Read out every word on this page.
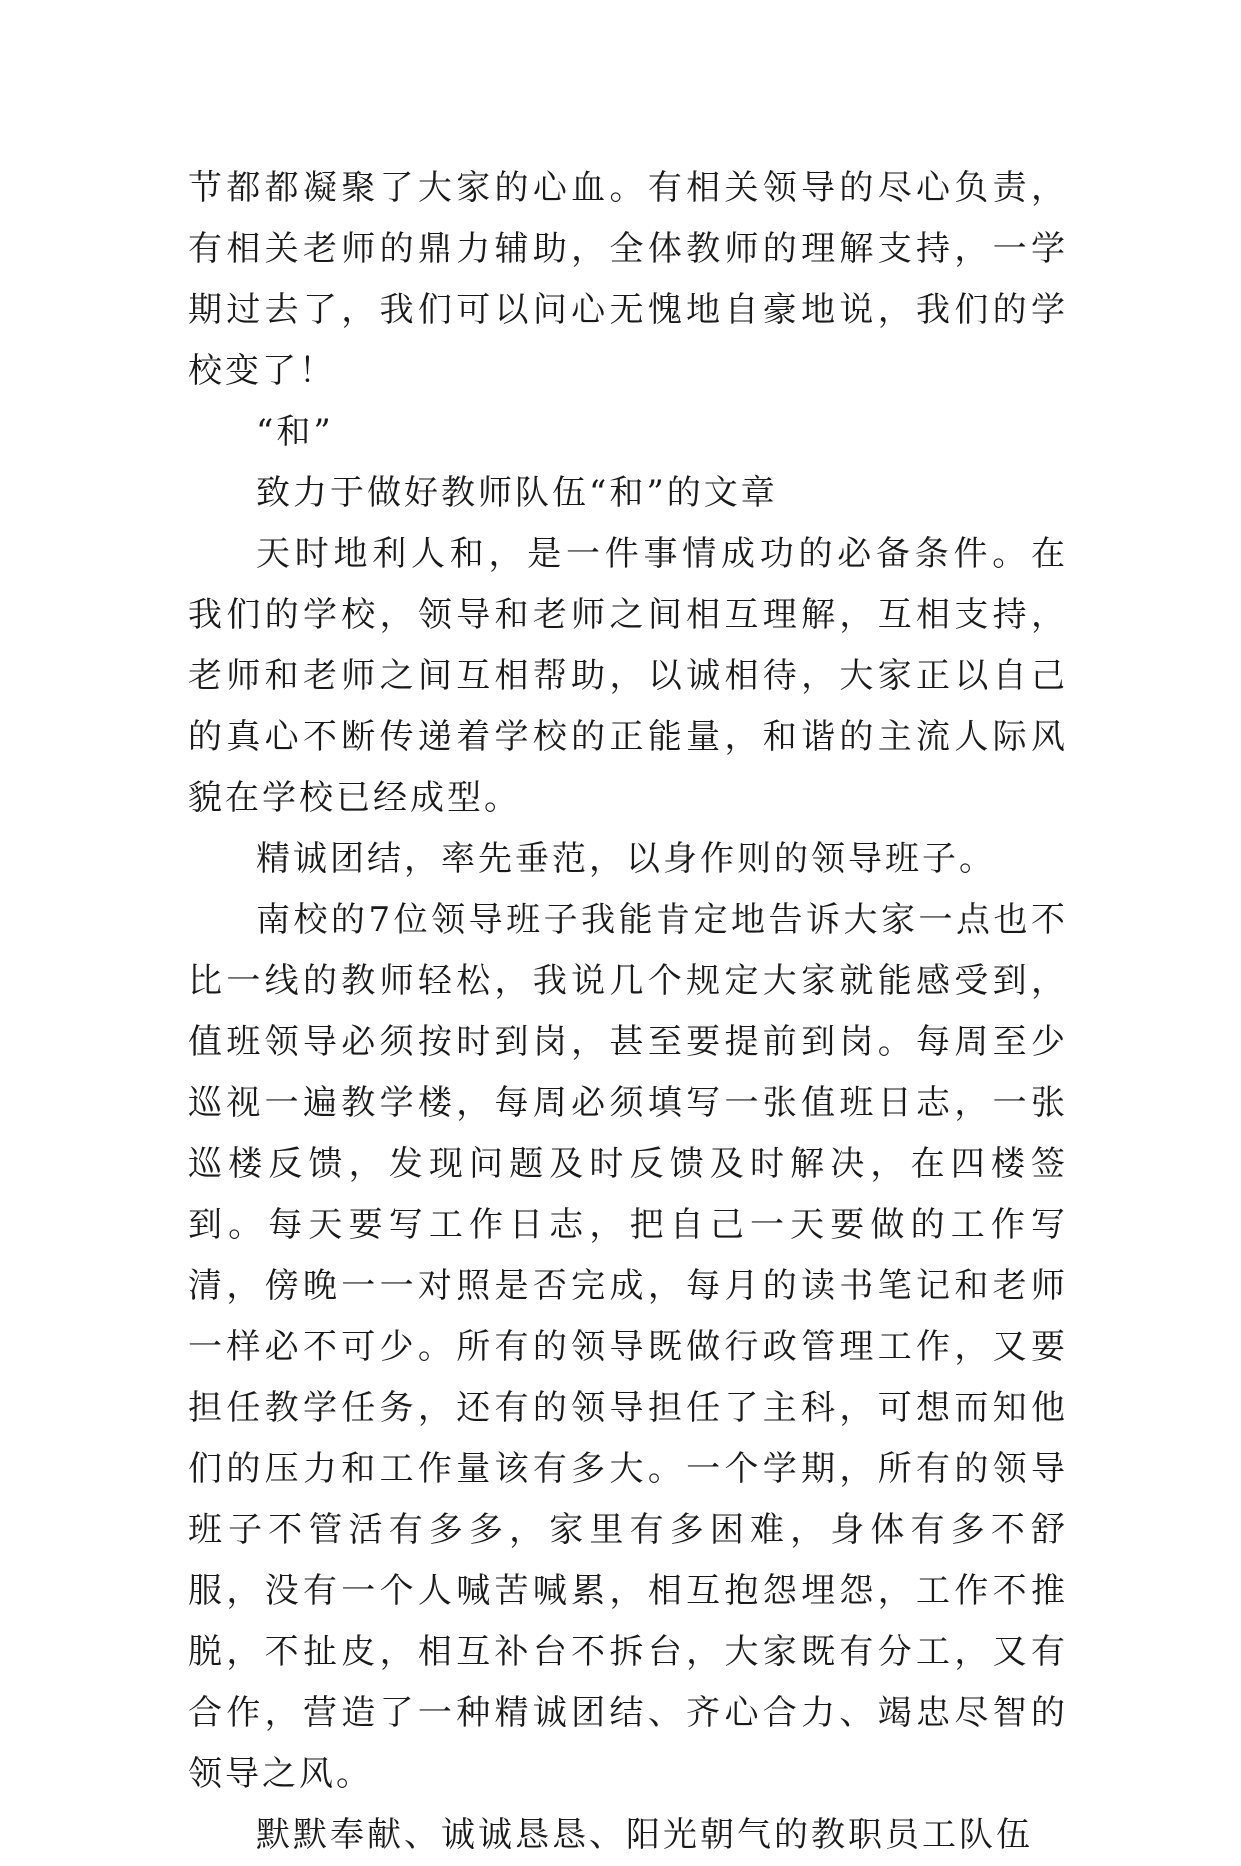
节都都凝聚了大家的心血。有相关领导的尽心负责，有相关老师的鼎力辅助，全体教师的理解支持，一学期过去了，我们可以问心无愧地自豪地说，我们的学校变了！

“和”

致力于做好教师队伍“和”的文章

天时地利人和，是一件事情成功的必备条件。在我们的学校，领导和老师之间相互理解，互相支持，老师和老师之间互相帮助，以诚相待，大家正以自己的真心不断传递着学校的正能量，和谐的主流人际风貌在学校已经成型。

精诚团结，率先垂范，以身作则的领导班子。

南校的7位领导班子我能肯定地告诉大家一点也不比一线的教师轻松，我说几个规定大家就能感受到，值班领导必须按时到岗，甚至要提前到岗。每周至少巡视一遍教学楼，每周必须填写一张值班日志，一张巡楼反馈，发现问题及时反馈及时解决，在四楼签到。每天要写工作日志，把自己一天要做的工作写清，傍晚一一对照是否完成，每月的读书笔记和老师一样必不可少。所有的领导既做行政管理工作，又要担任教学任务，还有的领导担任了主科，可想而知他们的压力和工作量该有多大。一个学期，所有的领导班子不管活有多多，家里有多困难，身体有多不舒服，没有一个人喊苦喊累，相互抱怨埋怨，工作不推脱，不扯皮，相互补台不拆台，大家既有分工，又有合作，营造了一种精诚团结、齐心合力、竭忠尽智的领导之风。

默默奉献、诚诚恳恳、阳光朝气的教职员工队伍
